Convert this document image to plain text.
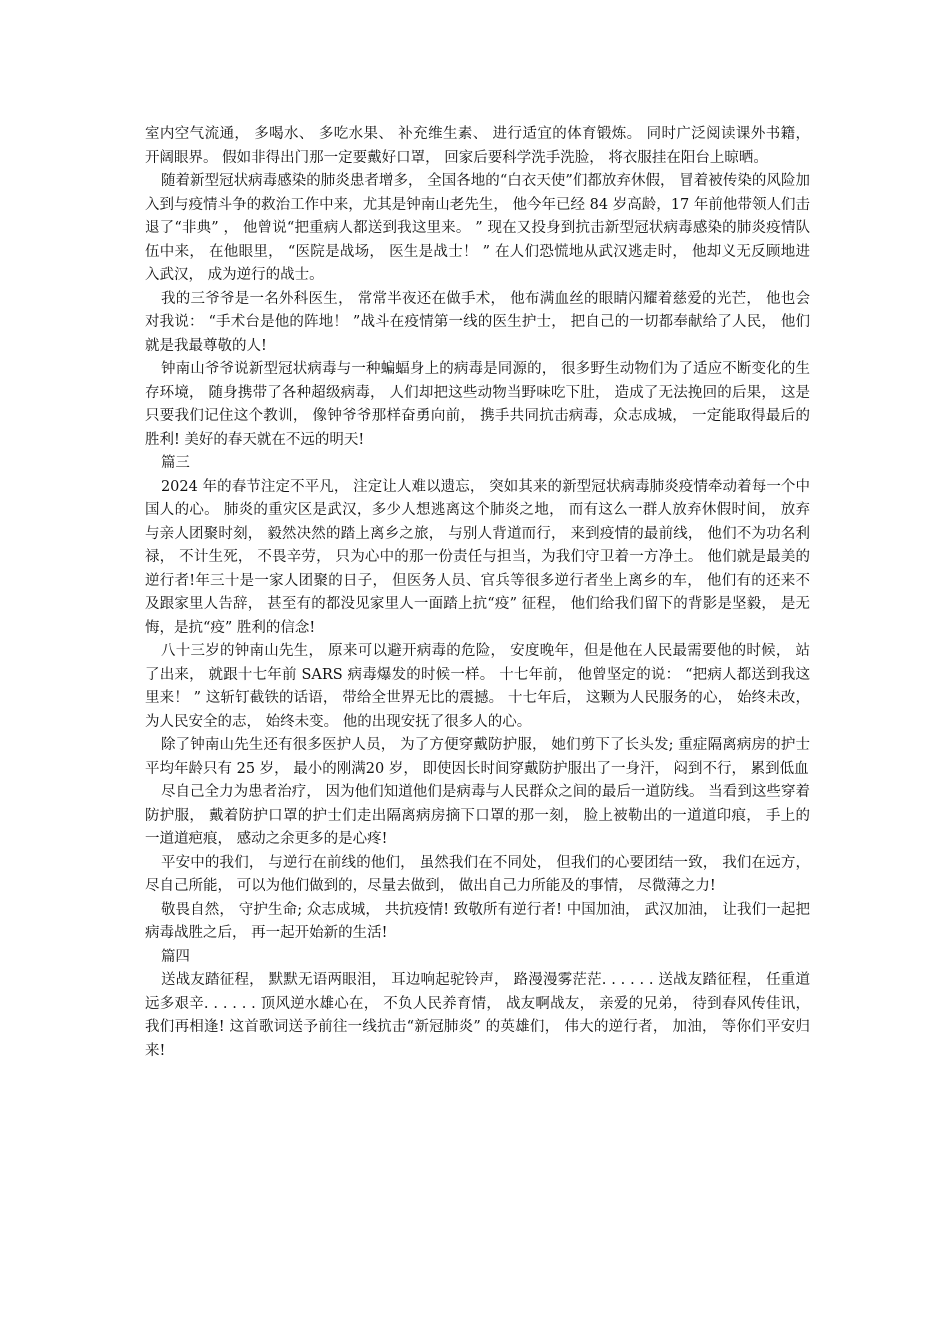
室内空气流通， 多喝水、 多吃水果、 补充维生素、 进行适宜的体育锻炼。 同时广泛阅读课外书籍， 开阔眼界。 假如非得出门那一定要戴好口罩， 回家后要科学洗手洗脸， 将衣服挂在阳台上晾晒。

随着新型冠状病毒感染的肺炎患者增多， 全国各地的“白衣天使”们都放弃休假， 冒着被传染的风险加入到与疫情斗争的救治工作中来，尤其是钟南山老先生， 他今年已经 84 岁高龄，17 年前他带领人们击退了“非典” ， 他曾说“把重病人都送到我这里来。 ” 现在又投身到抗击新型冠状病毒感染的肺炎疫情队伍中来， 在他眼里， “医院是战场， 医生是战士！ ” 在人们恐慌地从武汉逃走时， 他却义无反顾地进入武汉， 成为逆行的战士。

我的三爷爷是一名外科医生， 常常半夜还在做手术， 他布满血丝的眼睛闪耀着慈爱的光芒， 他也会对我说： “手术台是他的阵地！ ”战斗在疫情第一线的医生护士， 把自己的一切都奉献给了人民， 他们就是我最尊敬的人!

钟南山爷爷说新型冠状病毒与一种蝙蝠身上的病毒是同源的， 很多野生动物们为了适应不断变化的生存环境， 随身携带了各种超级病毒， 人们却把这些动物当野味吃下肚， 造成了无法挽回的后果， 这是只要我们记住这个教训， 像钟爷爷那样奋勇向前， 携手共同抗击病毒，众志成城， 一定能取得最后的胜利! 美好的春天就在不远的明天!

篇三

2024 年的春节注定不平凡， 注定让人难以遗忘， 突如其来的新型冠状病毒肺炎疫情牵动着每一个中国人的心。 肺炎的重灾区是武汉，多少人想逃离这个肺炎之地， 而有这么一群人放弃休假时间， 放弃与亲人团聚时刻， 毅然决然的踏上离乡之旅， 与别人背道而行， 来到疫情的最前线， 他们不为功名利禄， 不计生死， 不畏辛劳， 只为心中的那一份责任与担当，为我们守卫着一方净土。 他们就是最美的逆行者!年三十是一家人团聚的日子， 但医务人员、官兵等很多逆行者坐上离乡的车， 他们有的还来不及跟家里人告辞， 甚至有的都没见家里人一面踏上抗“疫” 征程， 他们给我们留下的背影是坚毅， 是无悔，是抗“疫” 胜利的信念!

八十三岁的钟南山先生， 原来可以避开病毒的危险， 安度晚年，但是他在人民最需要他的时候， 站了出来， 就跟十七年前 SARS 病毒爆发的时候一样。 十七年前， 他曾坚定的说： “把病人都送到我这里来！ ” 这斩钉截铁的话语， 带给全世界无比的震撼。 十七年后， 这颗为人民服务的心， 始终未改， 为人民安全的志， 始终未变。 他的出现安抚了很多人的心。

除了钟南山先生还有很多医护人员， 为了方便穿戴防护服， 她们剪下了长头发; 重症隔离病房的护士平均年龄只有 25 岁， 最小的刚满20 岁， 即使因长时间穿戴防护服出了一身汗， 闷到不行， 累到低血

尽自己全力为患者治疗， 因为他们知道他们是病毒与人民群众之间的最后一道防线。 当看到这些穿着防护服， 戴着防护口罩的护士们走出隔离病房摘下口罩的那一刻， 脸上被勒出的一道道印痕， 手上的一道道疤痕， 感动之余更多的是心疼!

平安中的我们， 与逆行在前线的他们， 虽然我们在不同处， 但我们的心要团结一致， 我们在远方， 尽自己所能， 可以为他们做到的，尽量去做到， 做出自己力所能及的事情， 尽微薄之力!

敬畏自然， 守护生命; 众志成城， 共抗疫情! 致敬所有逆行者! 中国加油， 武汉加油， 让我们一起把病毒战胜之后， 再一起开始新的生活!

篇四

送战友踏征程， 默默无语两眼泪， 耳边响起驼铃声， 路漫漫雾茫茫. . . . . . 送战友踏征程， 任重道远多艰辛. . . . . . 顶风逆水雄心在， 不负人民养育情， 战友啊战友， 亲爱的兄弟， 待到春风传佳讯， 我们再相逢! 这首歌词送予前往一线抗击“新冠肺炎” 的英雄们， 伟大的逆行者， 加油， 等你们平安归来!
